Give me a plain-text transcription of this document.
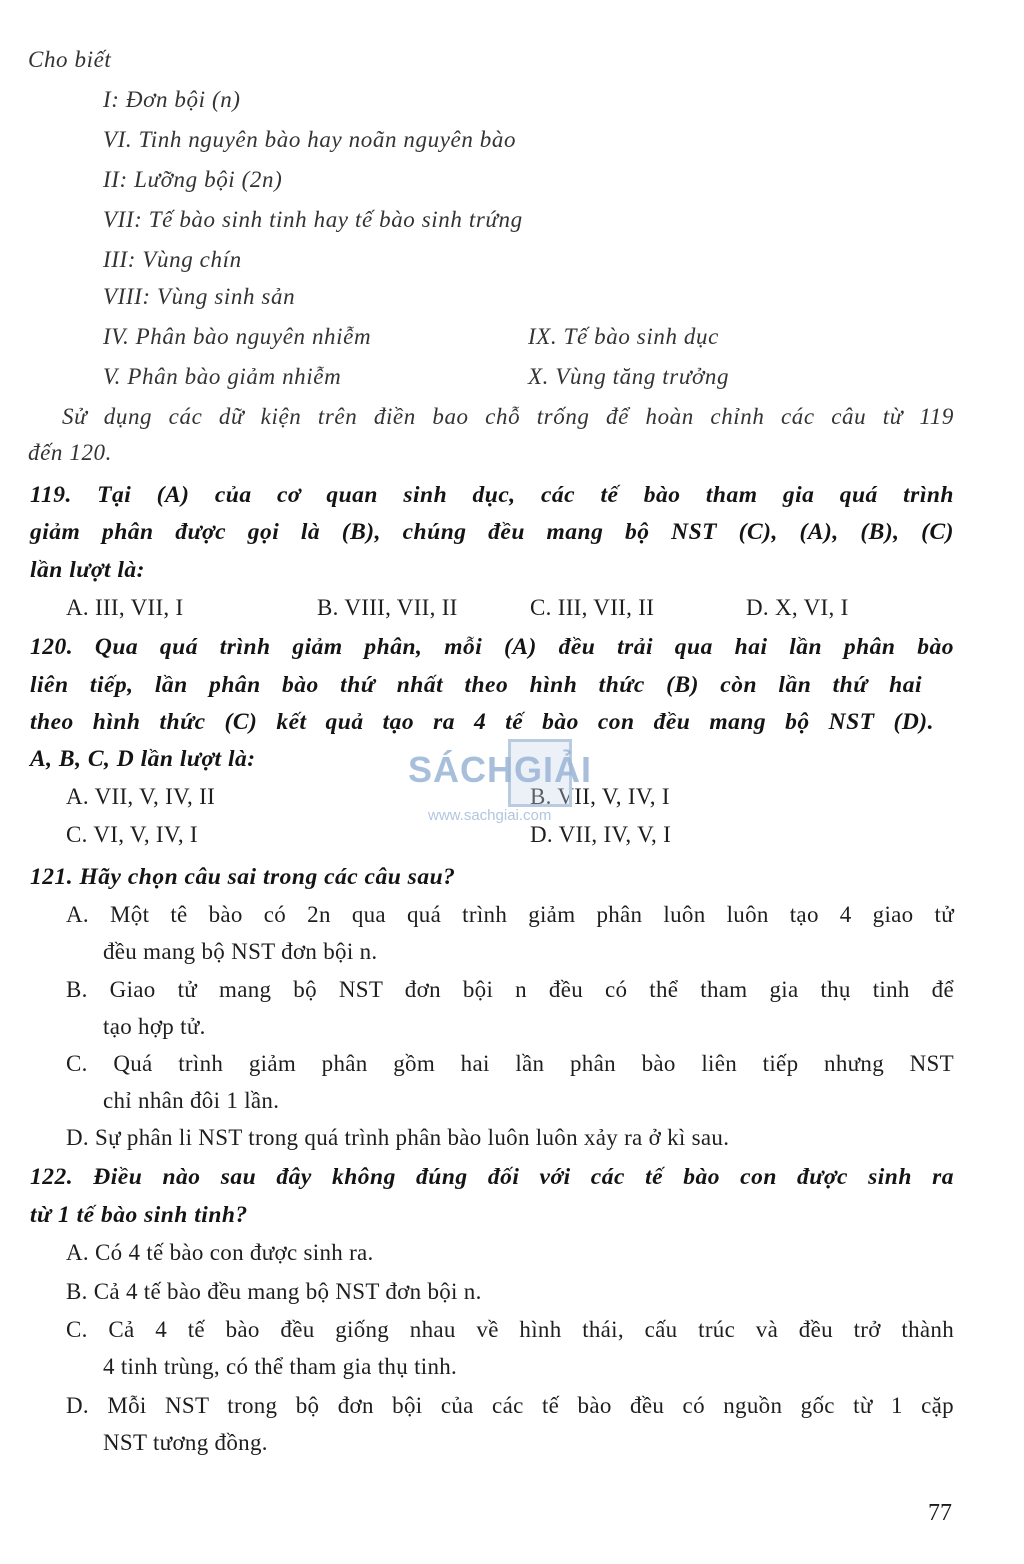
Cho biết
I: Đơn bội (n)
VI. Tinh nguyên bào hay noãn nguyên bào
II: Lưỡng bội (2n)
VII: Tế bào sinh tinh hay tế bào sinh trứng
III: Vùng chín
VIII: Vùng sinh sản
IV. Phân bào nguyên nhiễm	IX. Tế bào sinh dục
V. Phân bào giảm nhiễm	X. Vùng tăng trưởng
Sử dụng các dữ kiện trên điền bao chỗ trống để hoàn chỉnh các câu từ 119
đến 120.
119. Tại (A) của cơ quan sinh dục, các tế bào tham gia quá trình
giảm phân được gọi là (B), chúng đều mang bộ NST (C), (A), (B), (C)
lần lượt là:
A. III, VII, I	B. VIII, VII, II	C. III, VII, II	D. X, VI, I
120. Qua quá trình giảm phân, mỗi (A) đều trải qua hai lần phân bào
liên tiếp, lần phân bào thứ nhất theo hình thức (B) còn lần thứ hai
theo hình thức (C) kết quả tạo ra 4 tế bào con đều mang bộ NST (D).
A, B, C, D lần lượt là:
A. VII, V, IV, II	B. VII, V, IV, I
C. VI, V, IV, I	D. VII, IV, V, I
121. Hãy chọn câu sai trong các câu sau?
A. Một tê bào có 2n qua quá trình giảm phân luôn luôn tạo 4 giao tử
đều mang bộ NST đơn bội n.
B. Giao tử mang bộ NST đơn bội n đều có thể tham gia thụ tinh để
tạo hợp tử.
C. Quá trình giảm phân gồm hai lần phân bào liên tiếp nhưng NST
chỉ nhân đôi 1 lần.
D. Sự phân li NST trong quá trình phân bào luôn luôn xảy ra ở kì sau.
122. Điều nào sau đây không đúng đối với các tế bào con được sinh ra
từ 1 tế bào sinh tinh?
A. Có 4 tế bào con được sinh ra.
B. Cả 4 tế bào đều mang bộ NST đơn bội n.
C. Cả 4 tế bào đều giống nhau về hình thái, cấu trúc và đều trở thành
4 tinh trùng, có thể tham gia thụ tinh.
D. Mỗi NST trong bộ đơn bội của các tế bào đều có nguồn gốc từ 1 cặp
NST tương đồng.
SÁCHGIẢI
www.sachgiai.com
77
